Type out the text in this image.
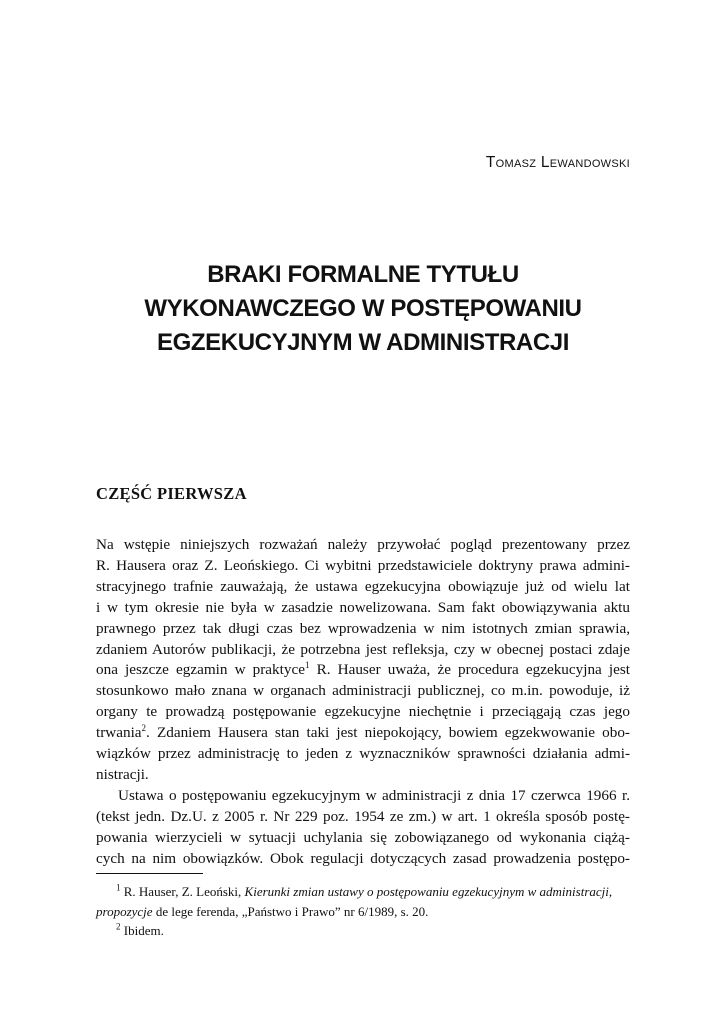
Tomasz Lewandowski
BRAKI FORMALNE TYTUŁU
WYKONAWCZEGO W POSTĘPOWANIU
EGZEKUCYJNYM W ADMINISTRACJI
CZĘŚĆ PIERWSZA

Na wstępie niniejszych rozważań należy przywołać pogląd prezentowany przez

R. Hausera oraz Z. Leońskiego. Ci wybitni przedstawiciele doktryny prawa admini-

stracyjnego trafnie zauważają, że ustawa egzekucyjna obowiązuje już od wielu lat

i w tym okresie nie była w zasadzie nowelizowana. Sam fakt obowiązywania aktu

prawnego przez tak długi czas bez wprowadzenia w nim istotnych zmian sprawia,

zdaniem Autorów publikacji, że potrzebna jest refleksja, czy w obecnej postaci zdaje

ona jeszcze egzamin w praktyce$^1$ R. Hauser uważa, że procedura egzekucyjna jest

stosunkowo mało znana w organach administracji publicznej, co m.in. powoduje, iż

organy te prowadzą postępowanie egzekucyjne niechętnie i przeciągają czas jego

trwania$^2$. Zdaniem Hausera stan taki jest niepokojący, bowiem egzekwowanie obo-

wiązków przez administrację to jeden z wyznaczników sprawności działania admi-

nistracji.

Ustawa o postępowaniu egzekucyjnym w administracji z dnia 17 czerwca 1966 r.

(tekst jedn. Dz.U. z 2005 r. Nr 229 poz. 1954 ze zm.) w art. 1 określa sposób postę-

powania wierzycieli w sytuacji uchylania się zobowiązanego od wykonania ciążą-

cych na nim obowiązków. Obok regulacji dotyczących zasad prowadzenia postępo-

$^1$ R. Hauser, Z. Leoński, Kierunki zmian ustawy o postępowaniu egzekucyjnym w administracji,

propozycje de lege ferenda, „Państwo i Prawo” nr 6/1989, s. 20.

$^2$ Ibidem.
